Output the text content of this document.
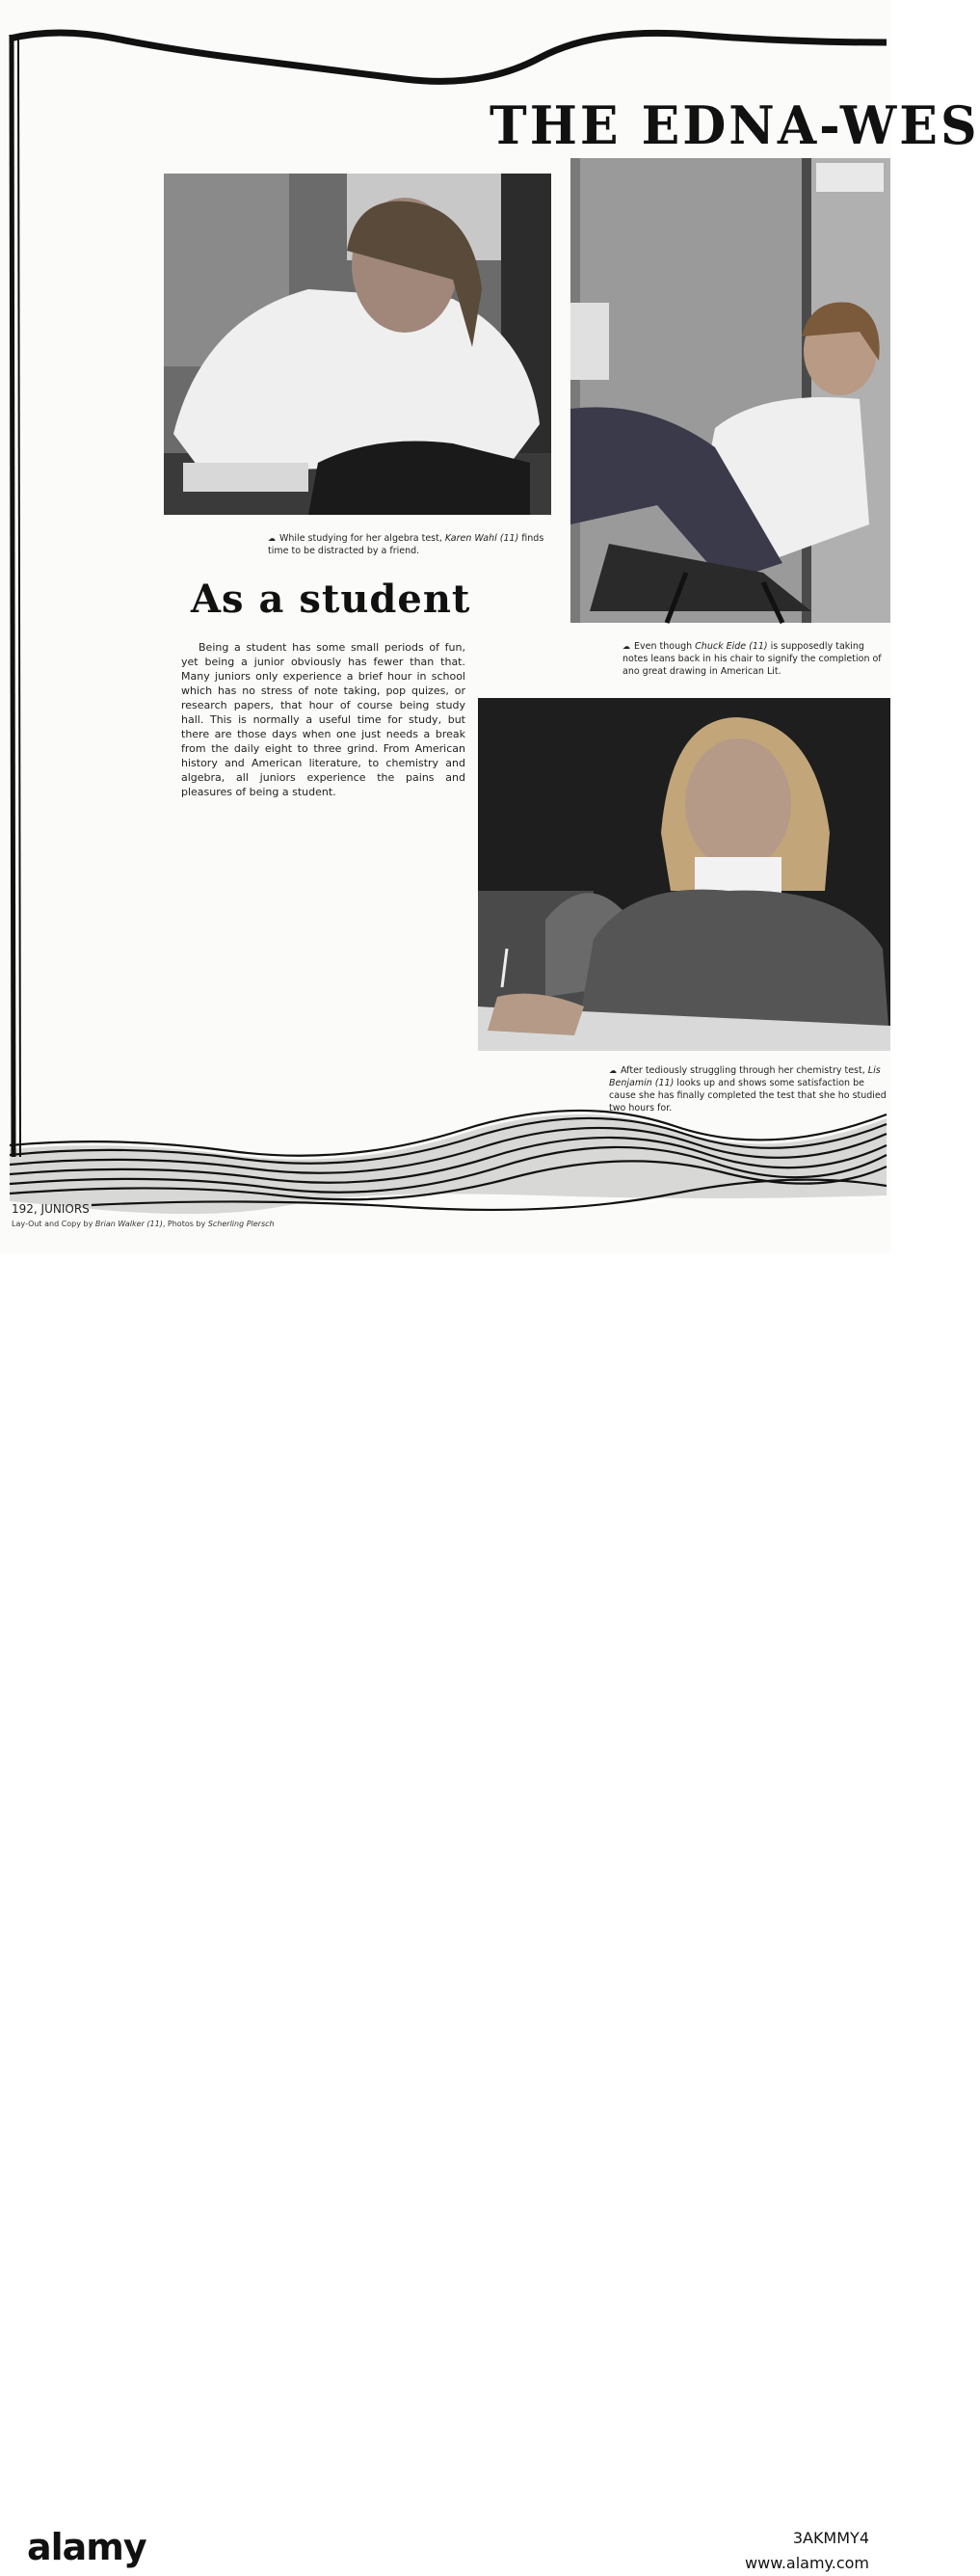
THE EDNA-WES
☁ While studying for her algebra test, Karen Wahl (11) finds time to be distracted by a friend.
☁ Even though Chuck Eide (11) is supposedly taking notes leans back in his chair to signify the completion of ano great drawing in American Lit.
As a student
Being a student has some small periods of fun, yet being a junior obviously has fewer than that. Many juniors only experience a brief hour in school which has no stress of note taking, pop quizes, or research papers, that hour of course being study hall. This is normally a useful time for study, but there are those days when one just needs a break from the daily eight to three grind. From American history and American literature, to chemistry and algebra, all juniors experience the pains and pleasures of being a student.
☁ After tediously struggling through her chemistry test, Lis Benjamin (11) looks up and shows some satisfaction be cause she has finally completed the test that she ho studied two hours for.
192, JUNIORS
Lay-Out and Copy by Brian Walker (11), Photos by Scherling Plersch
alamy	3AKMMY4
www.alamy.com
